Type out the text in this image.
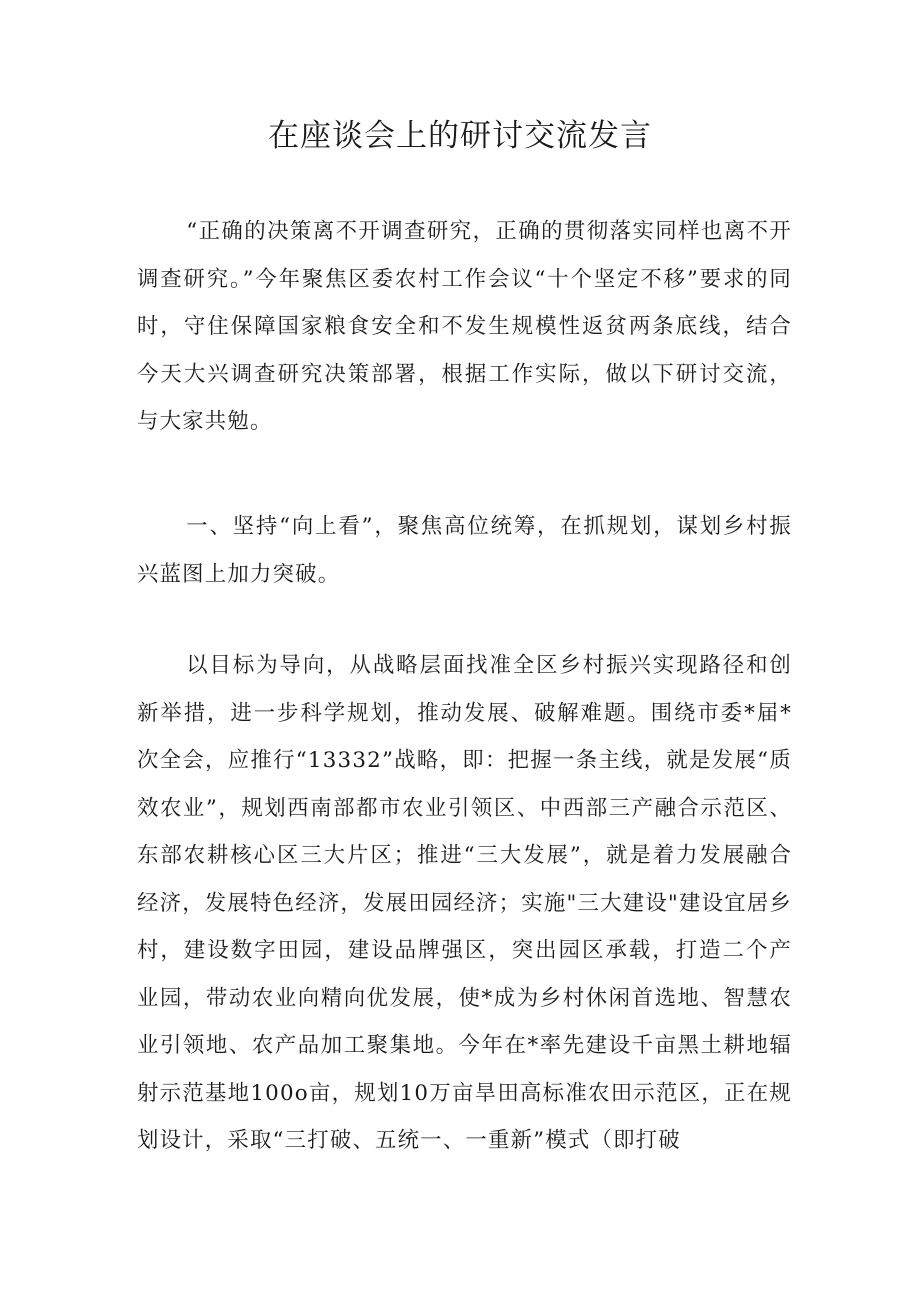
在座谈会上的研讨交流发言

“正确的决策离不开调查研究，正确的贯彻落实同样也离不开调查研究。”今年聚焦区委农村工作会议“十个坚定不移”要求的同时，守住保障国家粮食安全和不发生规模性返贫两条底线，结合今天大兴调查研究决策部署，根据工作实际，做以下研讨交流，与大家共勉。

一、坚持“向上看”，聚焦高位统筹，在抓规划，谋划乡村振兴蓝图上加力突破。

以目标为导向，从战略层面找准全区乡村振兴实现路径和创新举措，进一步科学规划，推动发展、破解难题。围绕市委*届*次全会，应推行“13332”战略，即：把握一条主线，就是发展“质效农业”，规划西南部都市农业引领区、中西部三产融合示范区、东部农耕核心区三大片区；推进“三大发展”，就是着力发展融合经济，发展特色经济，发展田园经济；实施"三大建设"建设宜居乡村，建设数字田园，建设品牌强区，突出园区承载，打造二个产业园，带动农业向精向优发展，使*成为乡村休闲首选地、智慧农业引领地、农产品加工聚集地。今年在*率先建设千亩黑土耕地辐射示范基地100o亩，规划10万亩旱田高标准农田示范区，正在规划设计，采取“三打破、五统一、一重新”模式（即打破
